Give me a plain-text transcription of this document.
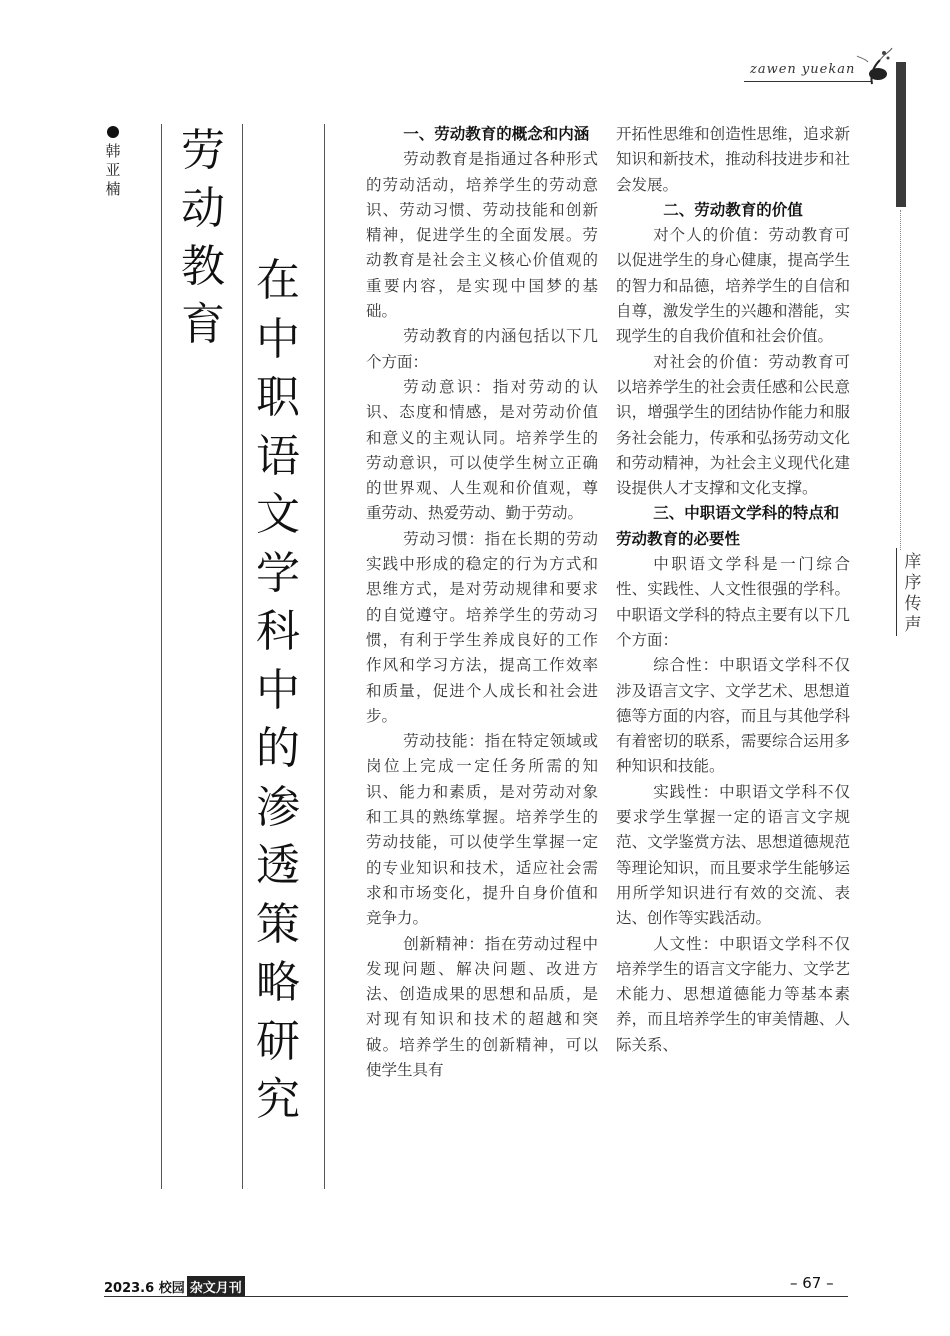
zawen yuekan
庠
序
传
声
韩
亚
楠
劳
动
教
育
在
中
职
语
文
学
科
中
的
渗
透
策
略
研
究
一、劳动教育的概念和内涵

劳动教育是指通过各种形式的劳动活动，培养学生的劳动意识、劳动习惯、劳动技能和创新精神，促进学生的全面发展。劳动教育是社会主义核心价值观的重要内容，是实现中国梦的基础。

劳动教育的内涵包括以下几个方面：

劳动意识：指对劳动的认识、态度和情感，是对劳动价值和意义的主观认同。培养学生的劳动意识，可以使学生树立正确的世界观、人生观和价值观，尊重劳动、热爱劳动、勤于劳动。

劳动习惯：指在长期的劳动实践中形成的稳定的行为方式和思维方式，是对劳动规律和要求的自觉遵守。培养学生的劳动习惯，有利于学生养成良好的工作作风和学习方法，提高工作效率和质量，促进个人成长和社会进步。

劳动技能：指在特定领域或岗位上完成一定任务所需的知识、能力和素质，是对劳动对象和工具的熟练掌握。培养学生的劳动技能，可以使学生掌握一定的专业知识和技术，适应社会需求和市场变化，提升自身价值和竞争力。

创新精神：指在劳动过程中发现问题、解决问题、改进方法、创造成果的思想和品质，是对现有知识和技术的超越和突破。培养学生的创新精神，可以使学生具有

开拓性思维和创造性思维，追求新知识和新技术，推动科技进步和社会发展。

二、劳动教育的价值

对个人的价值：劳动教育可以促进学生的身心健康，提高学生的智力和品德，培养学生的自信和自尊，激发学生的兴趣和潜能，实现学生的自我价值和社会价值。

对社会的价值：劳动教育可以培养学生的社会责任感和公民意识，增强学生的团结协作能力和服务社会能力，传承和弘扬劳动文化和劳动精神，为社会主义现代化建设提供人才支撑和文化支撑。

三、中职语文学科的特点和劳动教育的必要性

中职语文学科是一门综合性、实践性、人文性很强的学科。中职语文学科的特点主要有以下几个方面：

综合性：中职语文学科不仅涉及语言文字、文学艺术、思想道德等方面的内容，而且与其他学科有着密切的联系，需要综合运用多种知识和技能。

实践性：中职语文学科不仅要求学生掌握一定的语言文字规范、文学鉴赏方法、思想道德规范等理论知识，而且要求学生能够运用所学知识进行有效的交流、表达、创作等实践活动。

人文性：中职语文学科不仅培养学生的语言文字能力、文学艺术能力、思想道德能力等基本素养，而且培养学生的审美情趣、人际关系、

2023.6 校园 杂文月刊	– 67 –
